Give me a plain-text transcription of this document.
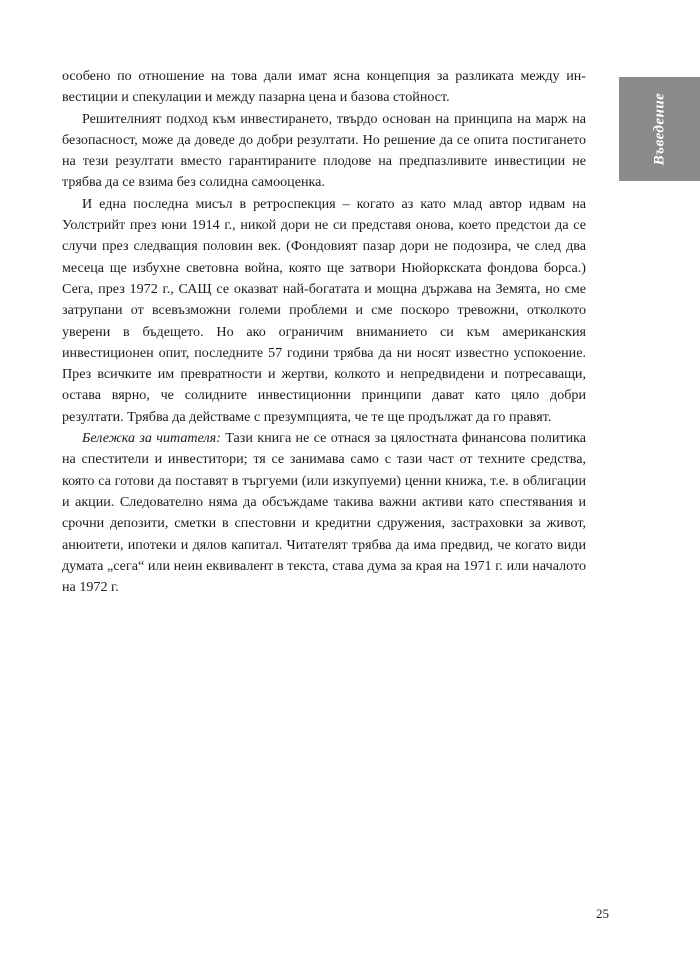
Въведение

особено по отношение на това дали имат ясна концепция за разликата между инвестиции и спекулации и между пазарна цена и базова стойност.

Решителният подход към инвестирането, твърдо основан на принципа на марж на безопасност, може да доведе до добри резултати. Но решение да се опита постигането на тези резултати вместо гарантираните плодове на предпазливите инвестиции не трябва да се взима без солидна самооценка.

И една последна мисъл в ретроспекция – когато аз като млад автор идвам на Уолстрийт през юни 1914 г., никой дори не си представя онова, което предстои да се случи през следващия половин век. (Фондовият пазар дори не подозира, че след два месеца ще избухне световна война, която ще затвори Нюйоркската фондова борса.) Сега, през 1972 г., САЩ се оказват най-богатата и мощна държава на Земята, но сме затрупани от всевъзможни големи проблеми и сме поскоро тревожни, отколкото уверени в бъдещето. Но ако ограничим вниманието си към американския инвестиционен опит, последните 57 години трябва да ни носят известно успокоение. През всичките им превратности и жертви, колкото и непредвидени и потресаващи, остава вярно, че солидните инвестиционни принципи дават като цяло добри резултати. Трябва да действаме с презумпцията, че те ще продължат да го правят.

Бележка за читателя: Тази книга не се отнася за цялостната финансова политика на спестители и инвеститори; тя се занимава само с тази част от техните средства, която са готови да поставят в търгуеми (или изкупуеми) ценни книжа, т.е. в облигации и акции. Следователно няма да обсъждаме такива важни активи като спестявания и срочни депозити, сметки в спестовни и кредитни сдружения, застраховки за живот, анюитети, ипотеки и дялов капитал. Читателят трябва да има предвид, че когато види думата „сега“ или неин еквивалент в текста, става дума за края на 1971 г. или началото на 1972 г.

25
